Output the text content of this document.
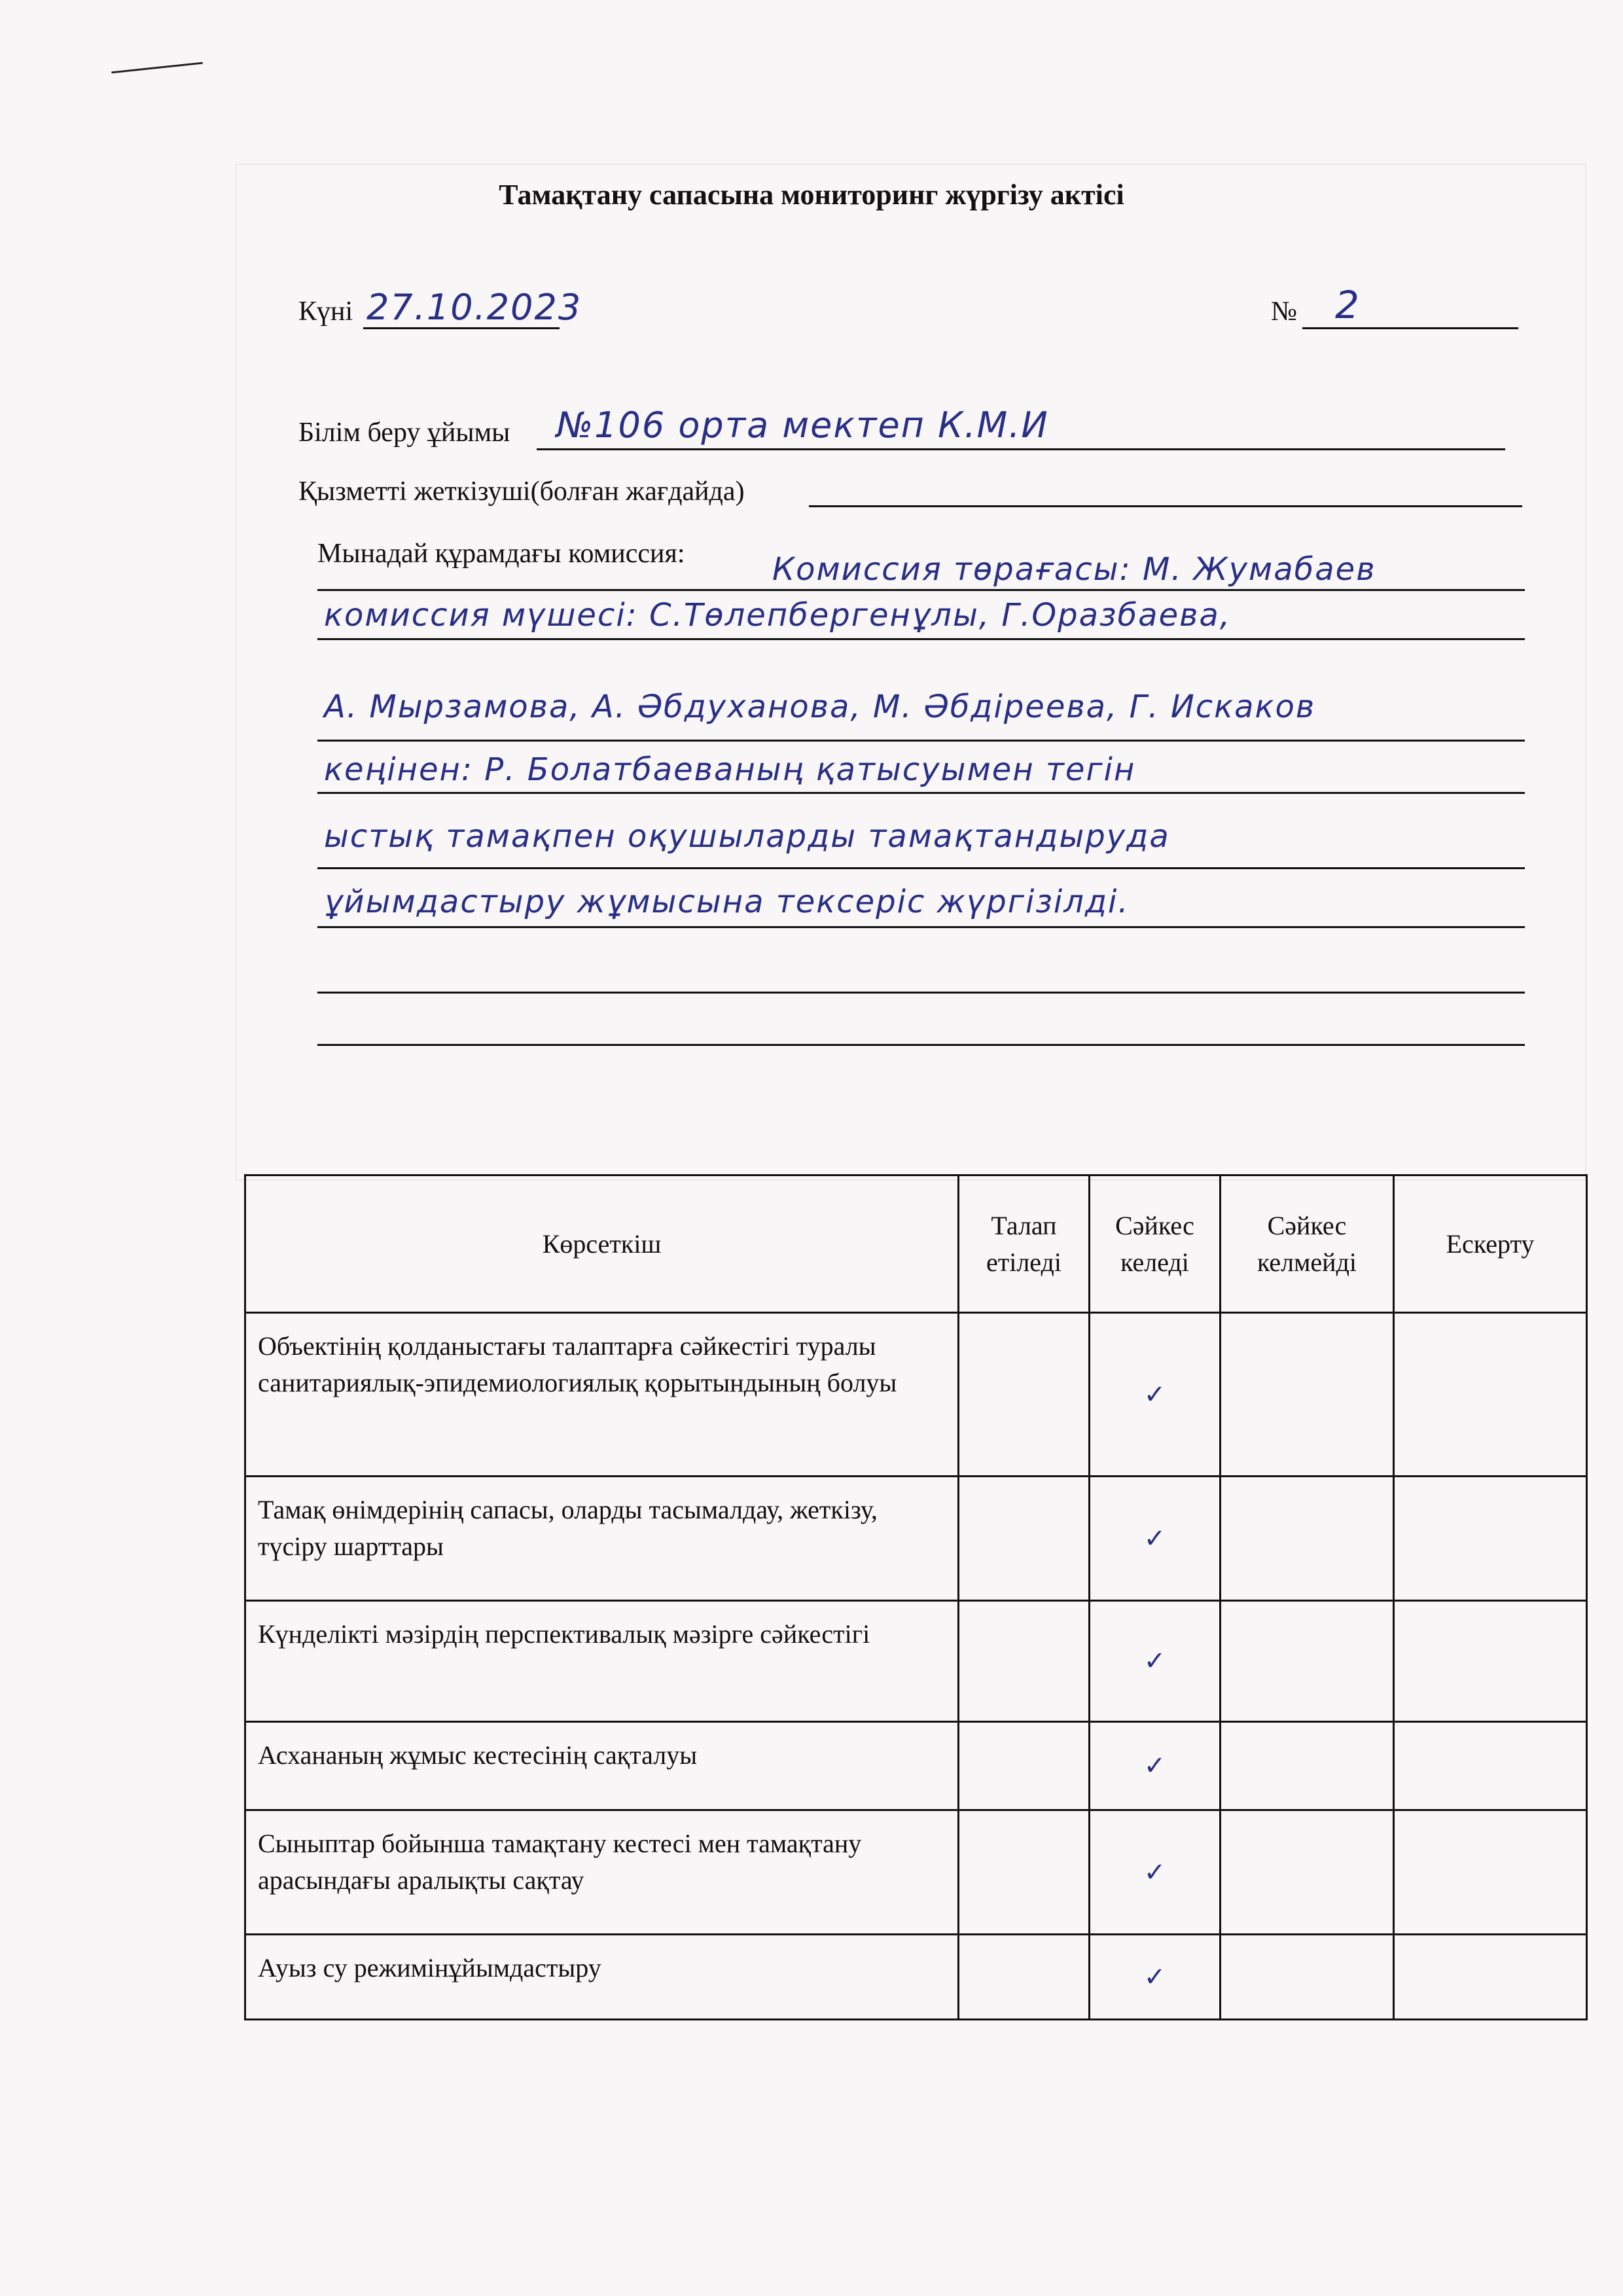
Тамақтану сапасына мониторинг жүргізу актісі
Күні 27.10.2023	№ 2
Білім беру ұйымы №106 орта мектеп К.М.И
Қызметті жеткізуші(болған жағдайда)
Мынадай құрамдағы комиссия:	Комиссия төрағасы: М. Жумабаев
комиссия мүшесі: С.Төлепбергенұлы, Г.Оразбаева,
А. Мырзамова, А. Әбдуханова, М. Әбдіреева, Г. Искаков
кеңінен: Р. Болатбаеваның қатысуымен тегін
ыстық тамақпен оқушыларды тамақтандыруда
ұйымдастыру жұмысына тексеріс жүргізілді.
Көрсеткіш	Талап етіледі	Сәйкес келеді	Сәйкес келмейді	Ескерту
Объектінің қолданыстағы талаптарға сәйкестігі туралы санитариялық-эпидемиологиялық қорытындының болуы		✓		
Тамақ өнімдерінің сапасы, оларды тасымалдау, жеткізу, түсіру шарттары		✓		
Күнделікті мәзірдің перспективалық мәзірге сәйкестігі		✓		
Асхананың жұмыс кестесінің сақталуы		✓		
Сыныптар бойынша тамақтану кестесі мен тамақтану арасындағы аралықты сақтау		✓		
Ауыз су режимінұйымдастыру		✓		
